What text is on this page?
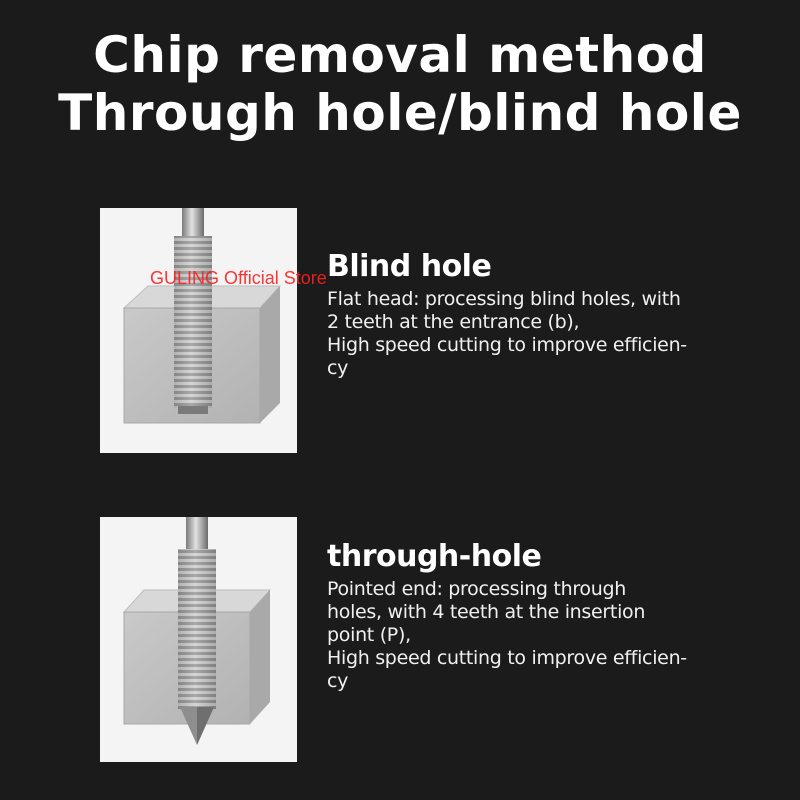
Chip removal method
Through hole/blind hole
GULING Official Store Blind hole
Flat head: processing blind holes, with
2 teeth at the entrance (b),
High speed cutting to improve efficien-
cy
through-hole
Pointed end: processing through
holes, with 4 teeth at the insertion
point (P),
High speed cutting to improve efficien-
cy
